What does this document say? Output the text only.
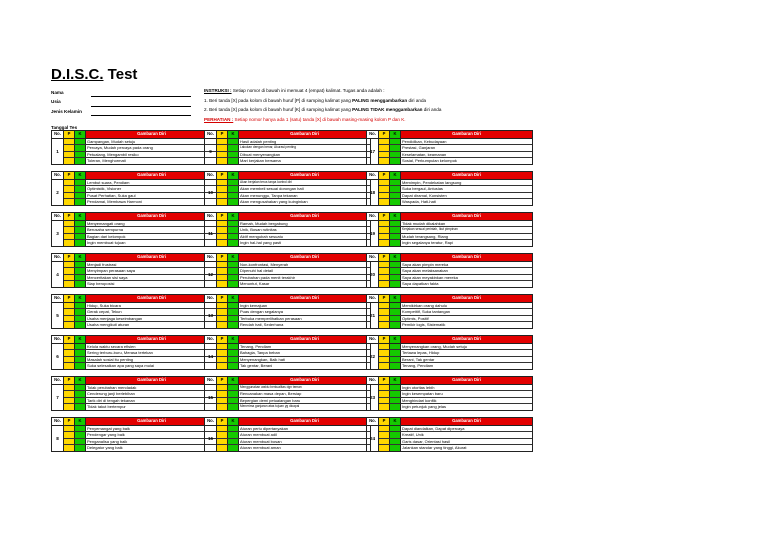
D.I.S.C. Test
Nama
Usia
Jenis Kelamin
Tanggal Tes
INSTRUKSI : Setiap nomor di bawah ini memuat 4 (empat) kalimat. Tugas anda adalah :
1. Beri tanda [X] pada kolom di bawah huruf [P] di samping kalimat yang PALING menggambarkan diri anda
2. Beri tanda [X] pada kolom di bawah huruf [K] di samping kalimat yang PALING TIDAK menggambarkan diri anda
PERHATIAN : Setiap nomor hanya ada 1 (satu) tanda [X] di bawah masing-masing kolom P dan K.
No.	P	K	Gambaran Diri
1
Gampangan, Mudah setuju
Percaya, Mudah percaya pada orang
Petualang, Mengambil resiko
Toleran, Menghormati
No.	P	K	Gambaran Diri
2
Lembut suara, Pendiam
Optimistik, Visioner
Pusat Perhatian, Suka gaul
Pendamai, Membawa Harmoni
No.	P	K	Gambaran Diri
3
Menyemangati orang
Berusaha sempurna
Bagian dari kelompok
Ingin membuat tujuan
No.	P	K	Gambaran Diri
4
Menjadi frustrasi
Menyimpan perasaan saya
Menceritakan sisi saya
Siap beroposisi
No.	P	K	Gambaran Diri
5
Hidup, Suka bicara
Gerak cepat, Tekun
Usaha menjaga keseimbangan
Usaha mengikuti aturan
No.	P	K	Gambaran Diri
6
Kelola waktu secara efisien
Sering terburu-buru, Merasa tertekan
Masalah sosial itu penting
Suka selesaikan apa yang saya mulai
No.	P	K	Gambaran Diri
7
Tolak perubahan mendadak
Cenderung janji berlebihan
Tarik diri di tengah tekanan
Tidak takut bertempur
No.	P	K	Gambaran Diri
8
Penyemangat yang baik
Pendengar yang baik
Penganalisa yang baik
Delegator yang baik
No.	P	K	Gambaran Diri
9
Hasil adalah penting
Lakukan dengan benar, Akurasi penting
Dibuat menyenangkan
Mari kerjakan bersama
No.	P	K	Gambaran Diri
10
Akan berjalan terus tanpa kontrol diri
Akan membeli sesuai dorongan hati
Akan menunggu, Tanpa tekanan
Akan mengusahakan yang kuinginkan
No.	P	K	Gambaran Diri
11
Ramah, Mudah bergabung
Unik, Bosan rutinitas
Aktif mengubah sesuatu
Ingin hal-hal yang pasti
No.	P	K	Gambaran Diri
12
Non-konfrontasi, Menyerah
Dipenuhi hal detail
Perubahan pada menit terakhir
Menuntut, Kasar
No.	P	K	Gambaran Diri
13
Ingin kemajuan
Puas dengan segalanya
Terbuka memperlihatkan perasaan
Rendah hati, Sederhana
No.	P	K	Gambaran Diri
14
Tenang, Pendiam
Bahagia, Tanpa beban
Menyenangkan, Baik hati
Tak gentar, Berani
No.	P	K	Gambaran Diri
15
Menggunakan waktu berkualitas dgn teman
Rencanakan masa depan, Bersiap
Bepergian demi petualangan baru
Menerima ganjaran atas tujuan yg dicapai
No.	P	K	Gambaran Diri
16
Aturan perlu dipertanyakan
Aturan membuat adil
Aturan membuat bosan
Aturan membuat aman
No.	P	K	Gambaran Diri
17
Pendidikan, Kebudayaan
Prestasi, Ganjaran
Keselamatan, keamanan
Sosial, Perkumpulan kelompok
No.	P	K	Gambaran Diri
18
Memimpin, Pendekatan langsung
Suka bergaul, Antusias
Dapat diramal, Konsisten
Waspada, Hati-hati
No.	P	K	Gambaran Diri
19
Tidak mudah dikalahkan
Kerjakan sesuai perintah, Ikut pimpinan
Mudah terangsang, Riang
Ingin segalanya teratur, Rapi
No.	P	K	Gambaran Diri
20
Saya akan pimpin mereka
Saya akan melaksanakan
Saya akan meyakinkan mereka
Saya dapatkan fakta
No.	P	K	Gambaran Diri
21
Memikirkan orang dahulu
Kompetitif, Suka tantangan
Optimis, Positif
Pemikir logis, Sistematik
No.	P	K	Gambaran Diri
22
Menyenangkan orang, Mudah setuju
Tertawa lepas, Hidup
Berani, Tak gentar
Tenang, Pendiam
No.	P	K	Gambaran Diri
23
Ingin otoritas lebih
Ingin kesempatan baru
Menghindari konflik
Ingin petunjuk yang jelas
No.	P	K	Gambaran Diri
24
Dapat diandalkan, Dapat dipercaya
Kreatif, Unik
Garis dasar, Orientasi hasil
Jalankan standar yang tinggi, Akurat
